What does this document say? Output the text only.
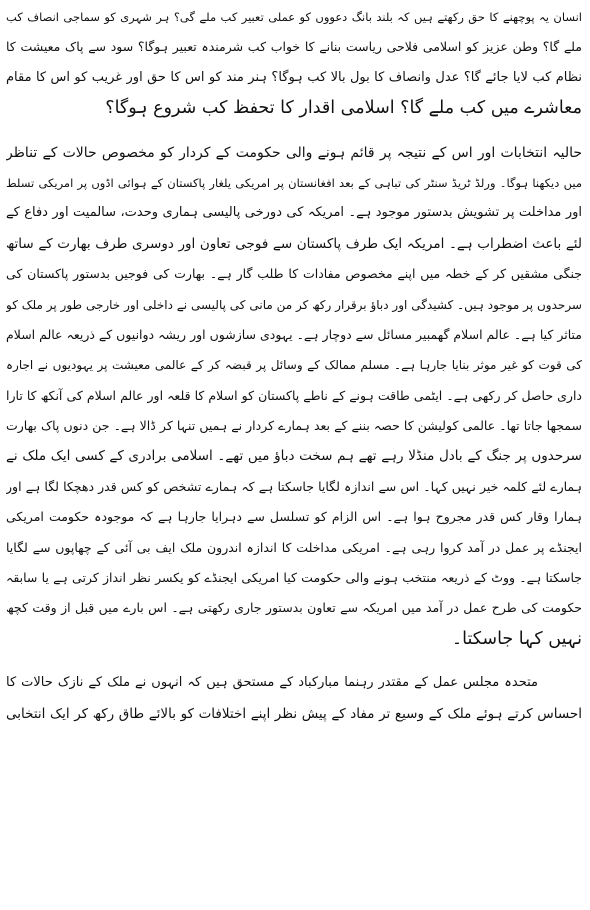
انسان یہ پوچھنے کا حق رکھتے ہیں کہ بلند بانگ دعووں کو عملی تعبیر کب ملے گی؟ ہر شہری کو سماجی انصاف کب
ملے گا؟ وطن عزیز کو اسلامی فلاحی ریاست بنانے کا خواب کب شرمندہ تعبیر ہوگا؟ سود سے پاک معیشت کا
نظام کب لایا جائے گا؟ عدل وانصاف کا بول بالا کب ہوگا؟ ہنر مند کو اس کا حق اور غریب کو اس کا مقام
معاشرے میں کب ملے گا؟ اسلامی اقدار کا تحفظ کب شروع ہوگا؟
حالیہ انتخابات اور اس کے نتیجہ پر قائم ہونے والی حکومت کے کردار کو مخصوص حالات کے تناظر
میں دیکھنا ہوگا۔ ورلڈ ٹریڈ سنٹر کی تباہی کے بعد افغانستان پر امریکی یلغار پاکستان کے ہوائی اڈوں پر امریکی تسلط
اور مداخلت پر تشویش بدستور موجود ہے۔ امریکہ کی دورخی پالیسی ہماری وحدت، سالمیت اور دفاع کے
لئے باعث اضطراب ہے۔ امریکہ ایک طرف پاکستان سے فوجی تعاون اور دوسری طرف بھارت کے ساتھ
جنگی مشقیں کر کے خطہ میں اپنے مخصوص مفادات کا طلب گار ہے۔ بھارت کی فوجیں بدستور پاکستان کی
سرحدوں پر موجود ہیں۔ کشیدگی اور دباؤ برقرار رکھ کر من مانی کی پالیسی نے داخلی اور خارجی طور پر ملک کو
متاثر کیا ہے۔ عالم اسلام گھمبیر مسائل سے دوچار ہے۔ یہودی سازشوں اور ریشہ دوانیوں کے ذریعہ عالم اسلام
کی قوت کو غیر موثر بنایا جارہا ہے۔ مسلم ممالک کے وسائل پر قبضہ کر کے عالمی معیشت پر یہودیوں نے اجارہ
داری حاصل کر رکھی ہے۔ ایٹمی طاقت ہونے کے ناطے پاکستان کو اسلام کا قلعہ اور عالم اسلام کی آنکھ کا تارا
سمجھا جاتا تھا۔ عالمی کولیشن کا حصہ بننے کے بعد ہمارے کردار نے ہمیں تنہا کر ڈالا ہے۔ جن دنوں پاک بھارت
سرحدوں پر جنگ کے بادل منڈلا رہے تھے ہم سخت دباؤ میں تھے۔ اسلامی برادری کے کسی ایک ملک نے
ہمارے لئے کلمہ خیر نہیں کہا۔ اس سے اندازہ لگایا جاسکتا ہے کہ ہمارے تشخص کو کس قدر دھچکا لگا ہے اور
ہمارا وقار کس قدر مجروح ہوا ہے۔ اس الزام کو تسلسل سے دہرایا جارہا ہے کہ موجودہ حکومت امریکی
ایجنڈے پر عمل در آمد کروا رہی ہے۔ امریکی مداخلت کا اندازہ اندرون ملک ایف بی آئی کے چھاپوں سے لگایا
جاسکتا ہے۔ ووٹ کے ذریعہ منتخب ہونے والی حکومت کیا امریکی ایجنڈے کو یکسر نظر انداز کرتی ہے یا سابقہ
حکومت کی طرح عمل در آمد میں امریکہ سے تعاون بدستور جاری رکھتی ہے۔ اس بارے میں قبل از وقت کچھ
نہیں کہا جاسکتا۔
متحدہ مجلس عمل کے مقتدر رہنما مبارکباد کے مستحق ہیں کہ انہوں نے ملک کے نازک حالات کا
احساس کرتے ہوئے ملک کے وسیع تر مفاد کے پیش نظر اپنے اختلافات کو بالائے طاق رکھ کر ایک انتخابی
